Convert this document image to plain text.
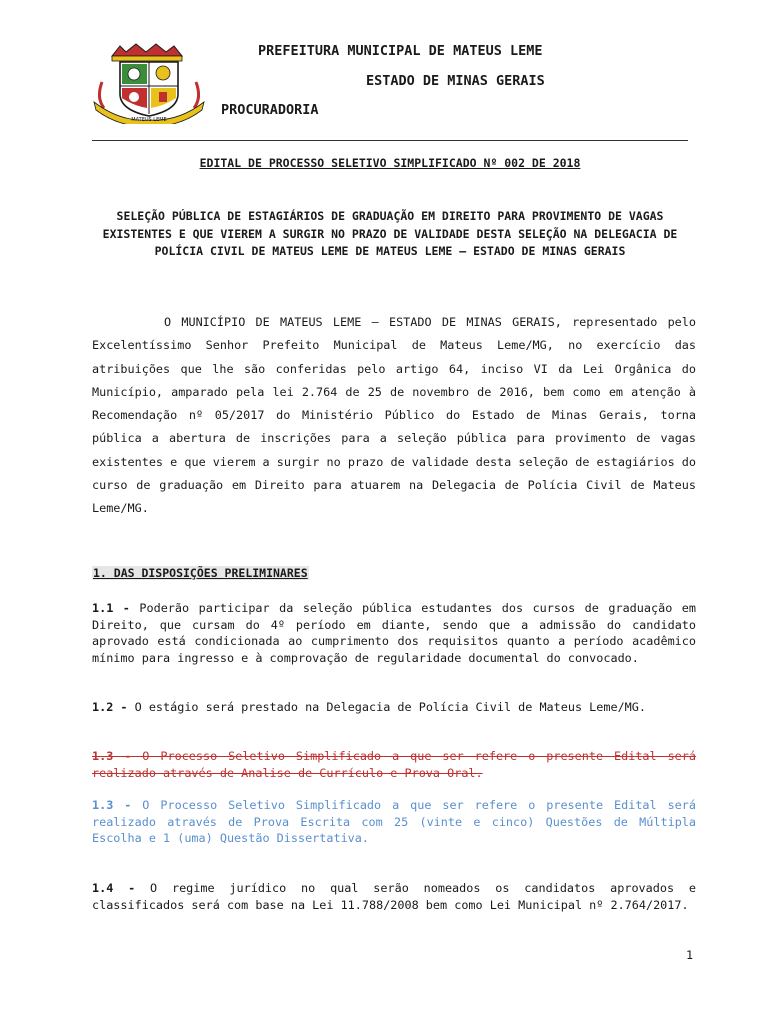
MATEUS LEME
PREFEITURA MUNICIPAL DE MATEUS LEME
ESTADO DE MINAS GERAIS
PROCURADORIA
EDITAL DE PROCESSO SELETIVO SIMPLIFICADO Nº 002 DE 2018
SELEÇÃO PÚBLICA DE ESTAGIÁRIOS DE GRADUAÇÃO EM DIREITO PARA PROVIMENTO DE VAGAS EXISTENTES E QUE VIEREM A SURGIR NO PRAZO DE VALIDADE DESTA SELEÇÃO NA DELEGACIA DE POLÍCIA CIVIL DE MATEUS LEME DE MATEUS LEME – ESTADO DE MINAS GERAIS
O MUNICÍPIO DE MATEUS LEME – ESTADO DE MINAS GERAIS, representado pelo Excelentíssimo Senhor Prefeito Municipal de Mateus Leme/MG, no exercício das atribuições que lhe são conferidas pelo artigo 64, inciso VI da Lei Orgânica do Município, amparado pela lei 2.764 de 25 de novembro de 2016, bem como em atenção à Recomendação nº 05/2017 do Ministério Público do Estado de Minas Gerais, torna pública a abertura de inscrições para a seleção pública para provimento de vagas existentes e que vierem a surgir no prazo de validade desta seleção de estagiários do curso de graduação em Direito para atuarem na Delegacia de Polícia Civil de Mateus Leme/MG.
1. DAS DISPOSIÇÕES PRELIMINARES
1.1 - Poderão participar da seleção pública estudantes dos cursos de graduação em Direito, que cursam do 4º período em diante, sendo que a admissão do candidato aprovado está condicionada ao cumprimento dos requisitos quanto a período acadêmico mínimo para ingresso e à comprovação de regularidade documental do convocado.
1.2 - O estágio será prestado na Delegacia de Polícia Civil de Mateus Leme/MG.
1.3 - O Processo Seletivo Simplificado a que ser refere o presente Edital será realizado através de Analise de Currículo e Prova Oral.
1.3 - O Processo Seletivo Simplificado a que ser refere o presente Edital será realizado através de Prova Escrita com 25 (vinte e cinco) Questões de Múltipla Escolha e 1 (uma) Questão Dissertativa.
1.4 - O regime jurídico no qual serão nomeados os candidatos aprovados e classificados será com base na Lei 11.788/2008 bem como Lei Municipal nº 2.764/2017.
1
